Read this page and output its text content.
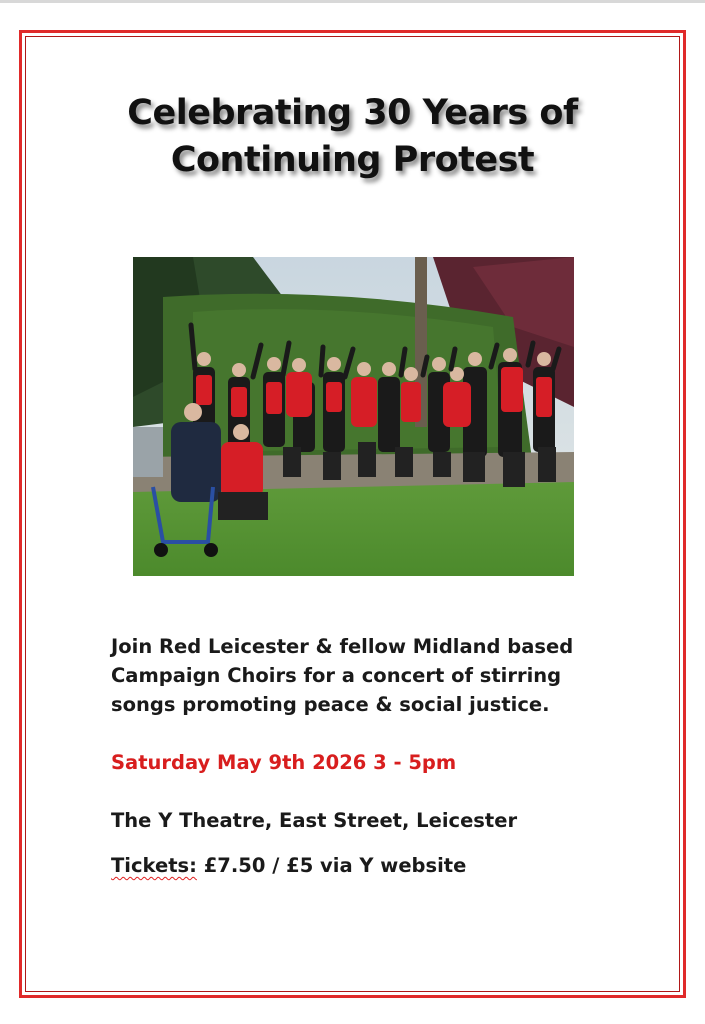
Celebrating 30 Years of
Continuing Protest

Join Red Leicester & fellow Midland based
Campaign Choirs for a concert of stirring
songs promoting peace & social justice.

Saturday May 9th 2026 3 - 5pm

The Y Theatre, East Street, Leicester

Tickets: £7.50 / £5 via Y website
